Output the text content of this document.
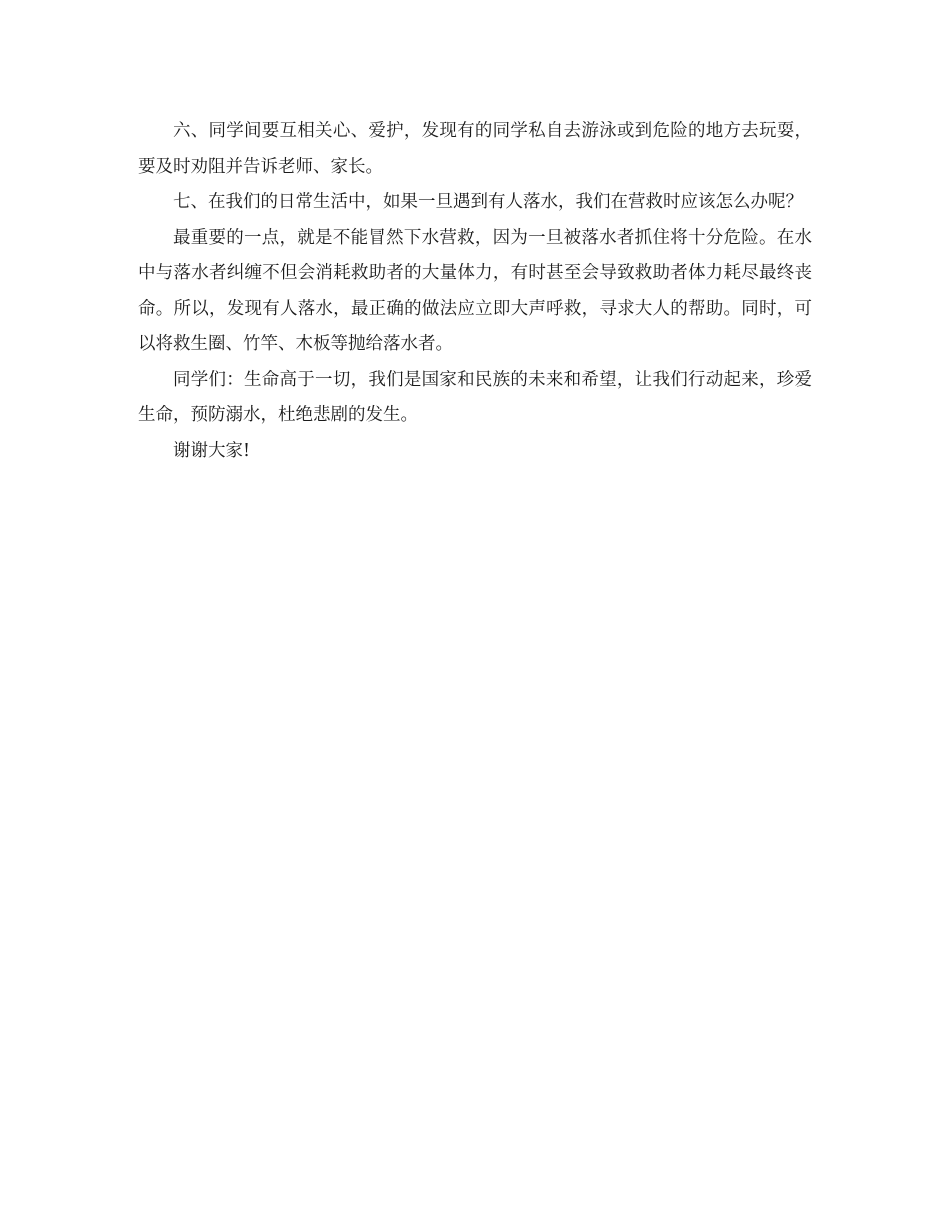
六、同学间要互相关心、爱护，发现有的同学私自去游泳或到危险的地方去玩耍，要及时劝阻并告诉老师、家长。

七、在我们的日常生活中，如果一旦遇到有人落水，我们在营救时应该怎么办呢？

最重要的一点，就是不能冒然下水营救，因为一旦被落水者抓住将十分危险。在水中与落水者纠缠不但会消耗救助者的大量体力，有时甚至会导致救助者体力耗尽最终丧命。所以，发现有人落水，最正确的做法应立即大声呼救，寻求大人的帮助。同时，可以将救生圈、竹竿、木板等抛给落水者。

同学们：生命高于一切，我们是国家和民族的未来和希望，让我们行动起来，珍爱生命，预防溺水，杜绝悲剧的发生。

谢谢大家!
